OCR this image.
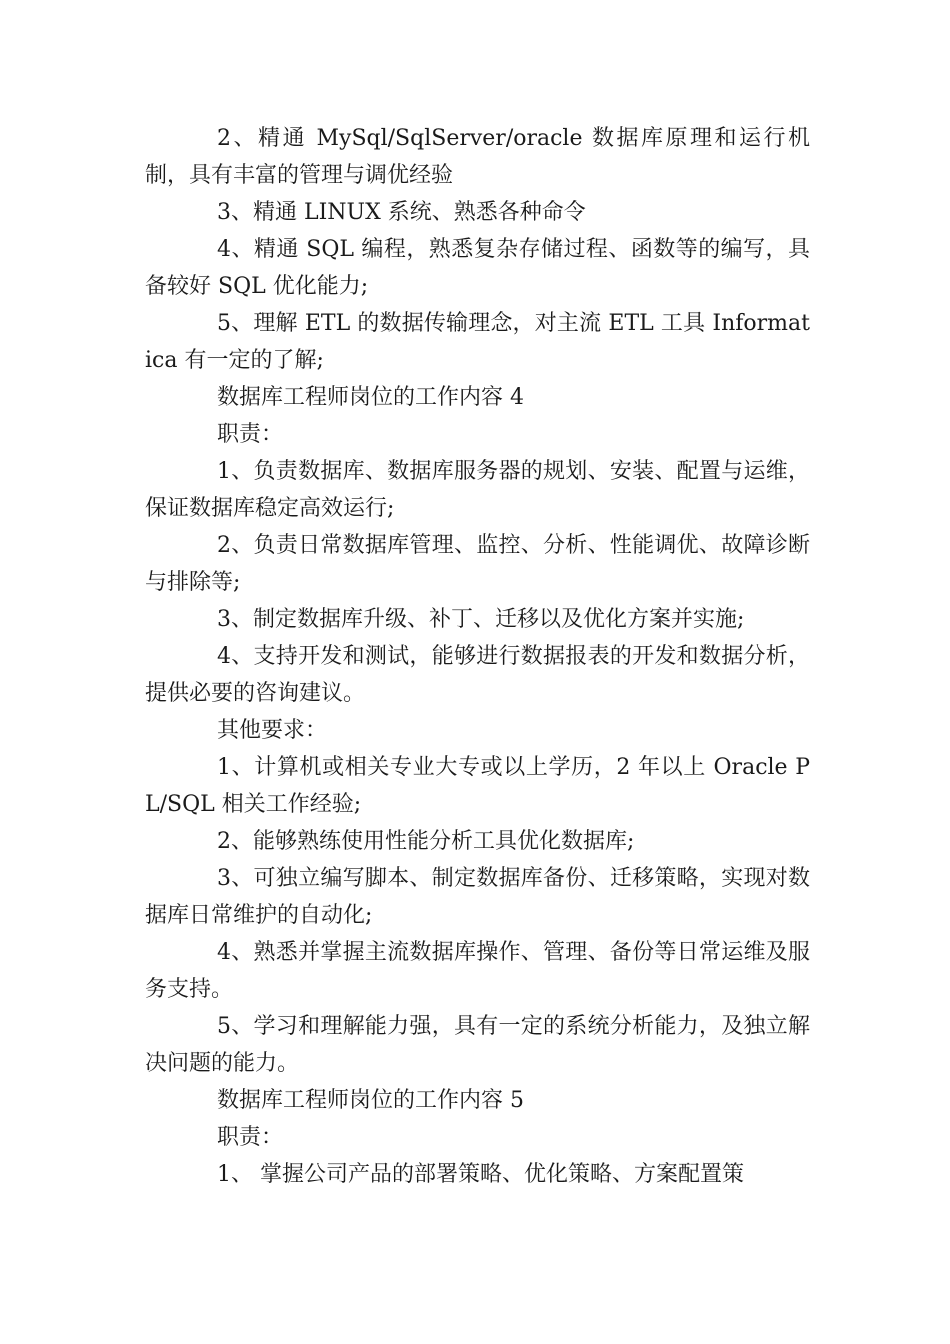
2、精通 MySql/SqlServer/oracle 数据库原理和运行机制，具有丰富的管理与调优经验

3、精通 LINUX 系统、熟悉各种命令

4、精通 SQL 编程，熟悉复杂存储过程、函数等的编写，具备较好 SQL 优化能力;

5、理解 ETL 的数据传输理念，对主流 ETL 工具 Informatica 有一定的了解;

数据库工程师岗位的工作内容 4

职责：

1、负责数据库、数据库服务器的规划、安装、配置与运维，保证数据库稳定高效运行;

2、负责日常数据库管理、监控、分析、性能调优、故障诊断与排除等;

3、制定数据库升级、补丁、迁移以及优化方案并实施;

4、支持开发和测试，能够进行数据报表的开发和数据分析，提供必要的咨询建议。

其他要求：

1、计算机或相关专业大专或以上学历，2 年以上 Oracle PL/SQL 相关工作经验;

2、能够熟练使用性能分析工具优化数据库;

3、可独立编写脚本、制定数据库备份、迁移策略，实现对数据库日常维护的自动化;

4、熟悉并掌握主流数据库操作、管理、备份等日常运维及服务支持。

5、学习和理解能力强，具有一定的系统分析能力，及独立解决问题的能力。

数据库工程师岗位的工作内容 5

职责：

1、 掌握公司产品的部署策略、优化策略、方案配置策
